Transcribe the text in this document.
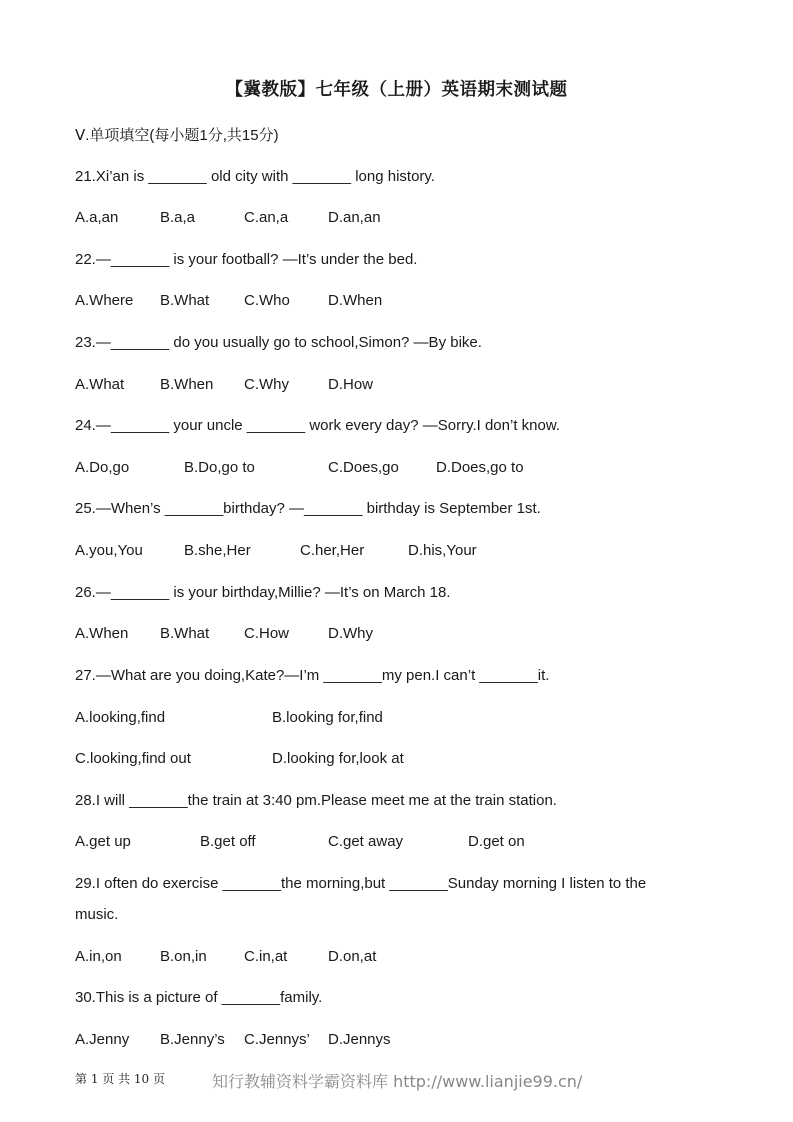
【冀教版】七年级（上册）英语期末测试题
Ⅴ.单项填空(每小题1分,共15分)
21.Xi’an is _______ old city with _______ long history.
A.a,an	B.a,a	C.an,a	D.an,an
22.—_______ is your football? —It’s under the bed.
A.Where B.What C.Who	D.When
23.—_______ do you usually go to school,Simon? —By bike.
A.What B.When C.Why	D.How
24.—_______ your uncle _______ work every day? —Sorry.I don’t know.
A.Do,go	B.Do,go to	C.Does,go D.Does,go to
25.—When’s _______birthday? —_______ birthday is September 1st.
A.you,You	B.she,Her	C.her,Her	D.his,Your
26.—_______ is your birthday,Millie? —It’s on March 18.
A.When B.What C.How	D.Why
27.—What are you doing,Kate?—I’m _______my pen.I can’t _______it.
A.looking,find	B.looking for,find
C.looking,find out	D.looking for,look at
28.I will _______the train at 3:40 pm.Please meet me at the train station.
A.get up	B.get off	C.get away	D.get on
29.I often do exercise _______the morning,but _______Sunday morning I listen to the
music.
A.in,on	B.on,in C.in,at	D.on,at
30.This is a picture of _______family.
A.Jenny B.Jenny’s C.Jennys’ D.Jennys
第 1 页 共 10 页	知行教辅资料学霸资料库 http://www.lianjie99.cn/
